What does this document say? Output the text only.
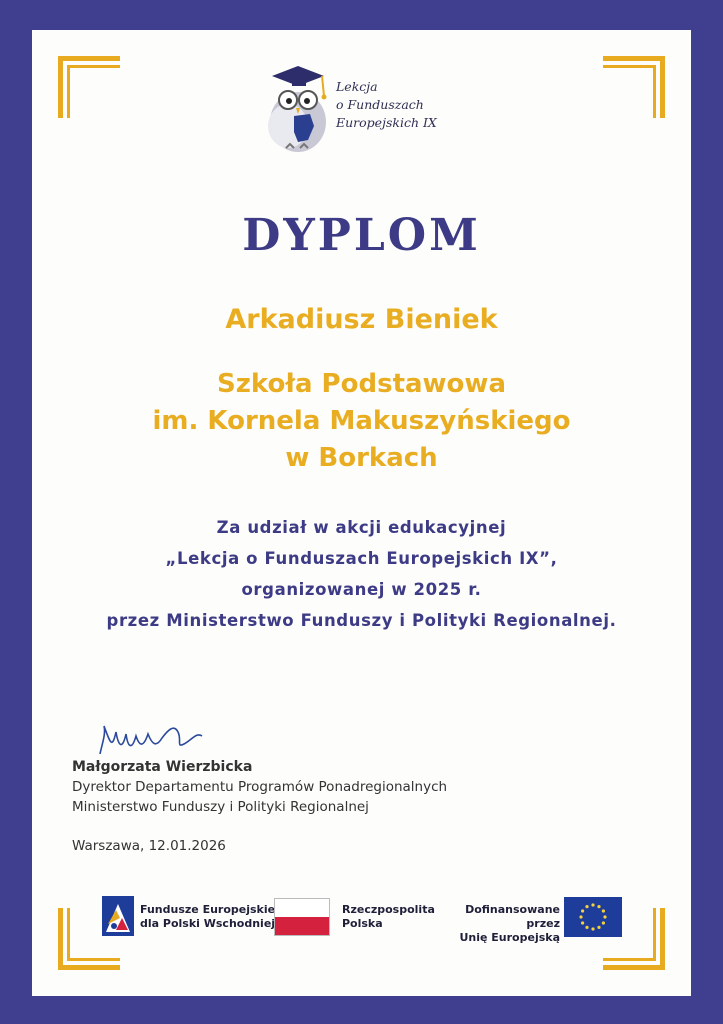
Lekcja
o Funduszach
Europejskich IX
DYPLOM
Arkadiusz Bieniek
Szkoła Podstawowa
im. Kornela Makuszyńskiego
w Borkach
Za udział w akcji edukacyjnej
„Lekcja o Funduszach Europejskich IX”,
organizowanej w 2025 r.
przez Ministerstwo Funduszy i Polityki Regionalnej.
Małgorzata Wierzbicka
Dyrektor Departamentu Programów Ponadregionalnych
Ministerstwo Funduszy i Polityki Regionalnej
Warszawa, 12.01.2026
Fundusze Europejskie
dla Polski Wschodniej
Rzeczpospolita
Polska
Dofinansowane przez
Unię Europejską
